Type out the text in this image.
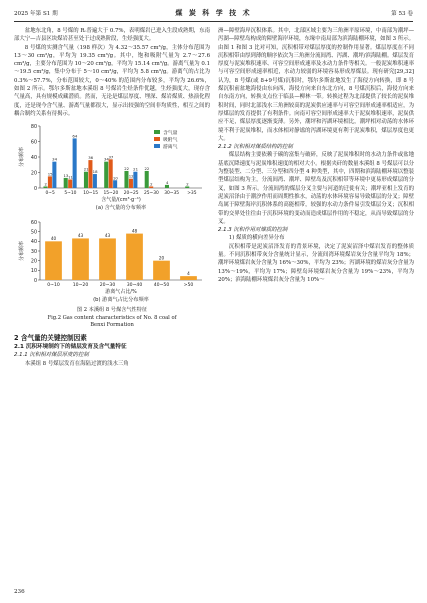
2025 年第 S1 期	煤 炭 科 学 技 术	第 53 卷

盆地东北角，8 号煤的 Rₒ普遍大于 0.7%，表明煤岩已进入生段成熟期，东南部大宁—吉县区块煤岩甚至处于过成熟阶段，生烃强度大。

8 号煤的实测含气量（198 样次）为 4.32～35.57 cm³/g，主体分布范围为 13～30 cm³/g，平均为 19.35 cm³/g。其中，饱和吸附气量为 2.7～27.6 cm³/g，主要分布范围为 10～20 cm³/g，平均为 15.14 cm³/g。游离气量为 0.1～19.5 cm³/g，集中分布于 5～10 cm³/g，平均为 5.8 cm³/g。游离气的占比为 0.3%～57.7%，分布范围较大，0～40% 的范围内分布较多，平均为 26.6%，如图 2 所示。鄂尔多斯盆地本溪组 8 号煤岩生烃条件优越，生烃强度大，现存含气量高，具有规模成藏潜质。然而，无论是煤层厚度、埋深、煤岩煤质、热演化程度，还是现今含气量、游离气量都很大，显示出较强的空间非均质性，相互之间的耦合制约关系有待揭示。

0
20
40
60
80
分布频率
0~5
2
15
34
5~10
13 11
64
10~15
21
36
18
15~20
34 37
10
20~25
22
12
21
25~30
22
2
30~35
4
>35
2
含气量/(cm³·g⁻¹)
(a) 含气量的分布频率
含气量
吸附气
游离气
0
10
20
30
40
50
60
分布频率
40
0~10
43
10~20
43
20~30
48
30~40
20
40~50
4
>50
游离气占比/%
(b) 游离气占比分布频率
图 2 本溪组 8 号煤含气性特征
Fig.2 Gas content characteristics of No. 8 coal of
Benxi Formation
2 含气量的关键控制因素
2.1 沉积环境制约下的储层发育及含气量特征
2.1.1 沉积相对煤层厚度的控制

本溪组 8 号煤层发育在海陆过渡的浅水三角

洲—障壁海岸沉积体系。其中，北部区域主要为三角洲平原环境，中南部为潮坪—泻湖—障壁岛构成的障壁海岸环境，东缘中南局部为滨海陆棚环境，如图 3 所示。由图 1 和图 3 比对可知，沉积相带对煤层厚度的控制作用显著。煤层厚度在不同沉积相带由厚到薄的顺序依次为三角洲分流间湾、泻湖、潮坪/滨海陆棚。煤层发育厚度与泥炭堆积速率、可容空间形成速率及水动力条件等相关。一般泥炭堆积速率与可容空间形成速率相近，水动力较弱的环境容易形成厚煤层。现有研究[29,32]认为，8 号煤(或 8+9号煤)沉积时，鄂尔多斯盆地发生了海侵方向转换，即 8 号煤沉积前盆地海侵由东向西，海侵方向来自东北方向，8 号煤沉积后，海侵方向来自东南方向，转换支点位于临县—柳林一带。转换过程为北部提供了较长的泥炭堆积时间，同时北部浅水三角洲较高的泥炭供应速率与可容空间形成速率相适应，为厚煤层的发育提供了有利条件。向南可容空间形成速率大于泥炭堆积速率，泥炭供应不足，煤层厚度逐渐变薄。另外，潮坪和泻湖环境相比，潮坪相对动荡的水体环境不利于泥炭堆积，而水体相对静谧的泻湖环境更有利于泥炭堆积，煤层厚度也更大。

2.1.2 沉积相对煤质结构的控制

煤层结构主要依赖于碳的富集与破碎，反映了泥炭堆积时的水动力条件或盆地基底沉降速度与泥炭堆积速度的相对大小。根据夹矸的数量本溪组 8 号煤层可以分为整装型、二分型、三分型和四分型 4 种类型，其中，四期和滨海陆棚环境以整装型煤层结构为主，分流间湾、潮坪、障壁岛及沉积相带等环境中更易形成煤层的分叉，如图 3 所示。分流间湾的煤层分叉主要与河道的迁徙有关；潮坪亚相上发育的泥炭沼泽由于潮汐作用而周期性推水，动荡的水体环境容易导致煤层的分叉；障壁岛属于障壁海岸沉积体系的高能相带，较强的水动力条件易引发煤层分叉；沉积相带的交界处往往由于沉积环境的变动而造成煤层作用的不稳定，从而导致煤层的分叉。

2.1.3 沉积作用对煤质的控制
1) 煤质的横向差异分布

沉积相带是泥炭沼泽发育的背景环境，决定了泥炭沼泽中煤岩发育的整体质量。不同沉积相带灰分含量统计显示，分流间湾环境煤岩灰分含量平均为 18%；潮坪环境煤岩灰分含量为 16%～30%，平均为 23%；泻湖环境的煤岩灰分含量为 13%～19%，平均为 17%；障壁岛环境煤岩灰分含量为 19%～23%，平均为 20%；滨海陆棚环境煤岩灰分含量为 10%～

236
